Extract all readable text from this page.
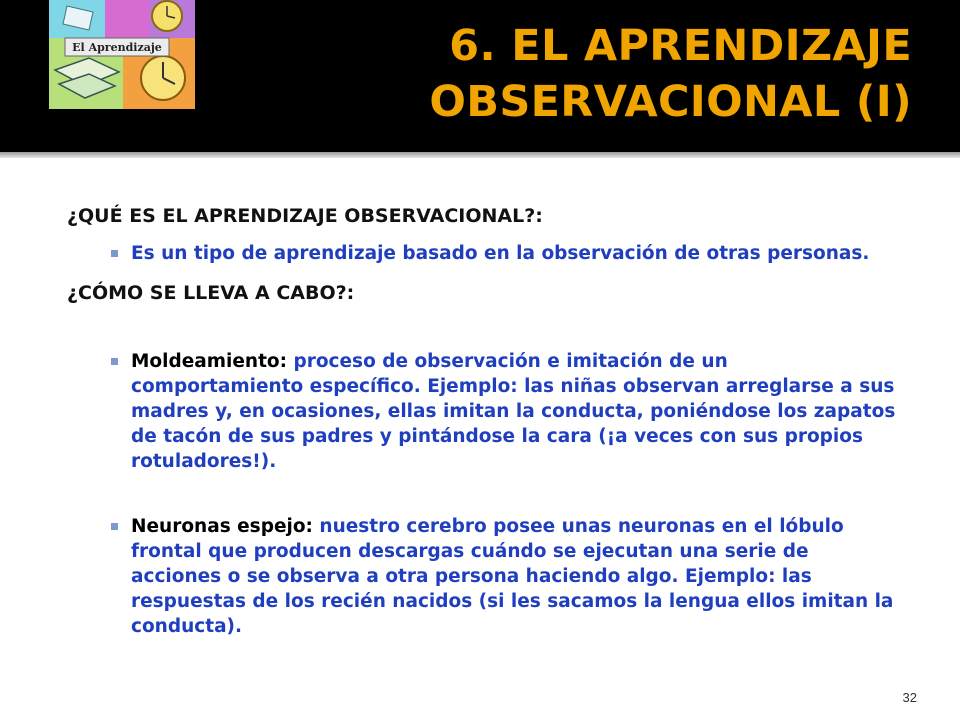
El Aprendizaje	6. EL APRENDIZAJE
OBSERVACIONAL (I)
¿QUÉ ES EL APRENDIZAJE OBSERVACIONAL?:
Es un tipo de aprendizaje basado en la observación de otras personas.
¿CÓMO SE LLEVA A CABO?:
Moldeamiento: proceso de observación e imitación de un comportamiento específico. Ejemplo: las niñas observan arreglarse a sus madres y, en ocasiones, ellas imitan la conducta, poniéndose los zapatos de tacón de sus padres y pintándose la cara (¡a veces con sus propios rotuladores!).
Neuronas espejo: nuestro cerebro posee unas neuronas en el lóbulo frontal que producen descargas cuándo se ejecutan una serie de acciones o se observa a otra persona haciendo algo. Ejemplo: las respuestas de los recién nacidos (si les sacamos la lengua ellos imitan la conducta).
32
